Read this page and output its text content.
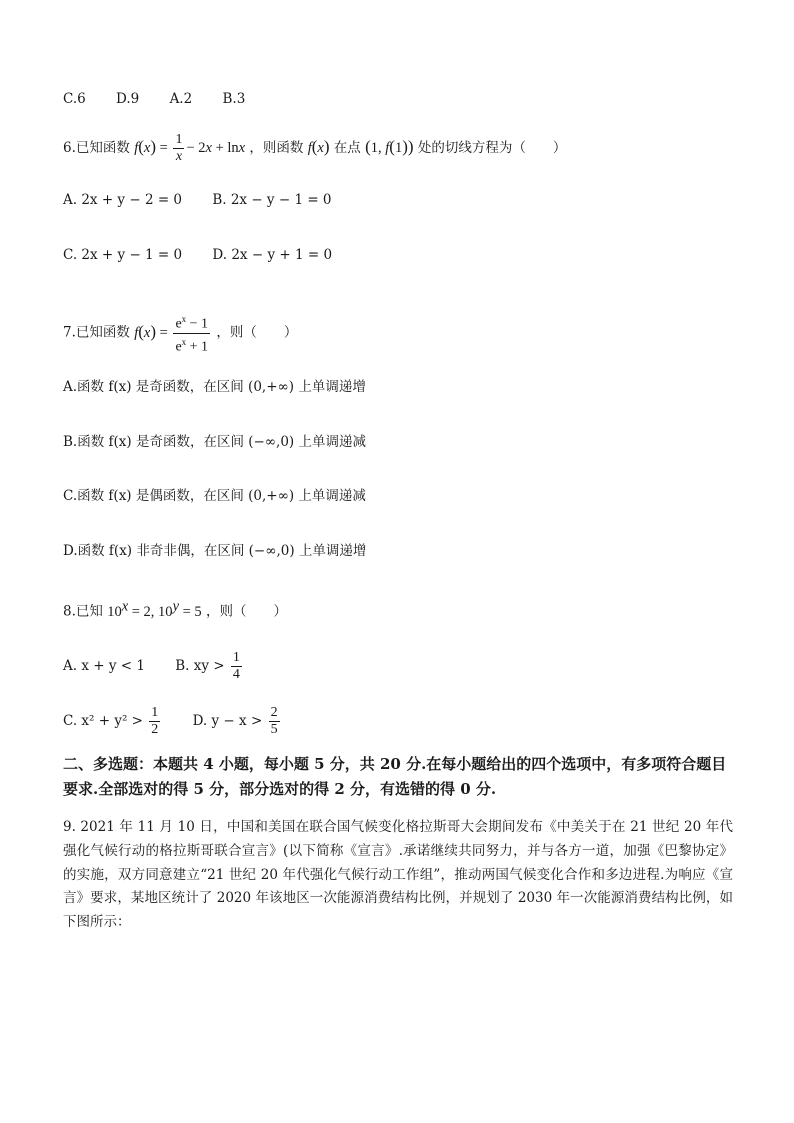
C.6 D.9 A.2 B.3
6.已知函数 $f(x) = \frac{1}{x} - 2x + \ln x$ ，则函数 f(x) 在点 (1, f(1)) 处的切线方程为（　　）
A. 2x + y − 2 = 0 B. 2x − y − 1 = 0
C. 2x + y − 1 = 0 D. 2x − y + 1 = 0
7.已知函数 $f(x) = \frac{e^x - 1}{e^x + 1}$ ，则（　　）
A.函数 f(x) 是奇函数，在区间 (0,+∞) 上单调递增
B.函数 f(x) 是奇函数，在区间 (−∞,0) 上单调递减
C.函数 f(x) 是偶函数，在区间 (0,+∞) 上单调递减
D.函数 f(x) 非奇非偶，在区间 (−∞,0) 上单调递增
8.已知 $10^x = 2$, $10^y = 5$ ，则（　　）
A. x + y < 1 B. xy > $\frac{1}{4}$
C. $x^2 + y^2 > \frac{1}{2} D$. $y - x > \frac{2}{5}$
二、多选题：本题共 4 小题，每小题 5 分，共 20 分.在每小题给出的四个选项中，有多项符合题目要求.全部选对的得 5 分，部分选对的得 2 分，有选错的得 0 分.
9. 2021 年 11 月 10 日，中国和美国在联合国气候变化格拉斯哥大会期间发布《中美关于在 21 世纪 20 年代强化气候行动的格拉斯哥联合宣言》(以下简称《宣言》.承诺继续共同努力，并与各方一道，加强《巴黎协定》的实施，双方同意建立“21 世纪 20 年代强化气候行动工作组”，推动两国气候变化合作和多边进程.为响应《宣言》要求，某地区统计了 2020 年该地区一次能源消费结构比例，并规划了 2030 年一次能源消费结构比例，如下图所示：
